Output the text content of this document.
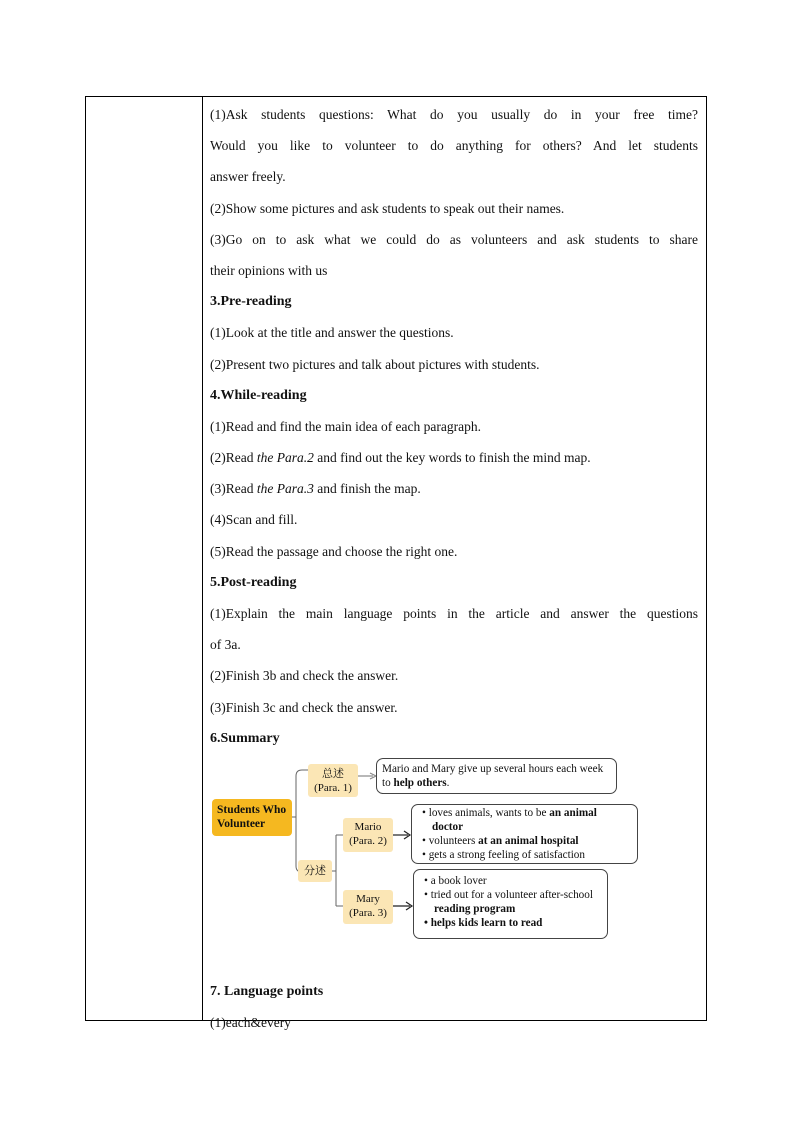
(1)Ask students questions: What do you usually do in your free time?
Would you like to volunteer to do anything for others? And let students
answer freely.
(2)Show some pictures and ask students to speak out their names.
(3)Go on to ask what we could do as volunteers and ask students to share
their opinions with us
3.Pre-reading
(1)Look at the title and answer the questions.
(2)Present two pictures and talk about pictures with students.
4.While-reading
(1)Read and find the main idea of each paragraph.
(2)Read the Para.2 and find out the key words to finish the mind map.
(3)Read the Para.3 and finish the map.
(4)Scan and fill.
(5)Read the passage and choose the right one.
5.Post-reading
(1)Explain the main language points in the article and answer the questions
of 3a.
(2)Finish 3b and check the answer.
(3)Finish 3c and check the answer.
6.Summary
Students Who Volunteer
总述
(Para. 1)
Mario and Mary give up several hours each week
to help others.
分述
Mario
(Para. 2)
Mary
(Para. 3)
• loves animals, wants to be an animal
doctor
• volunteers at an animal hospital
• gets a strong feeling of satisfaction
• a book lover
• tried out for a volunteer after-school
reading program
• helps kids learn to read
7. Language points
(1)each&every
